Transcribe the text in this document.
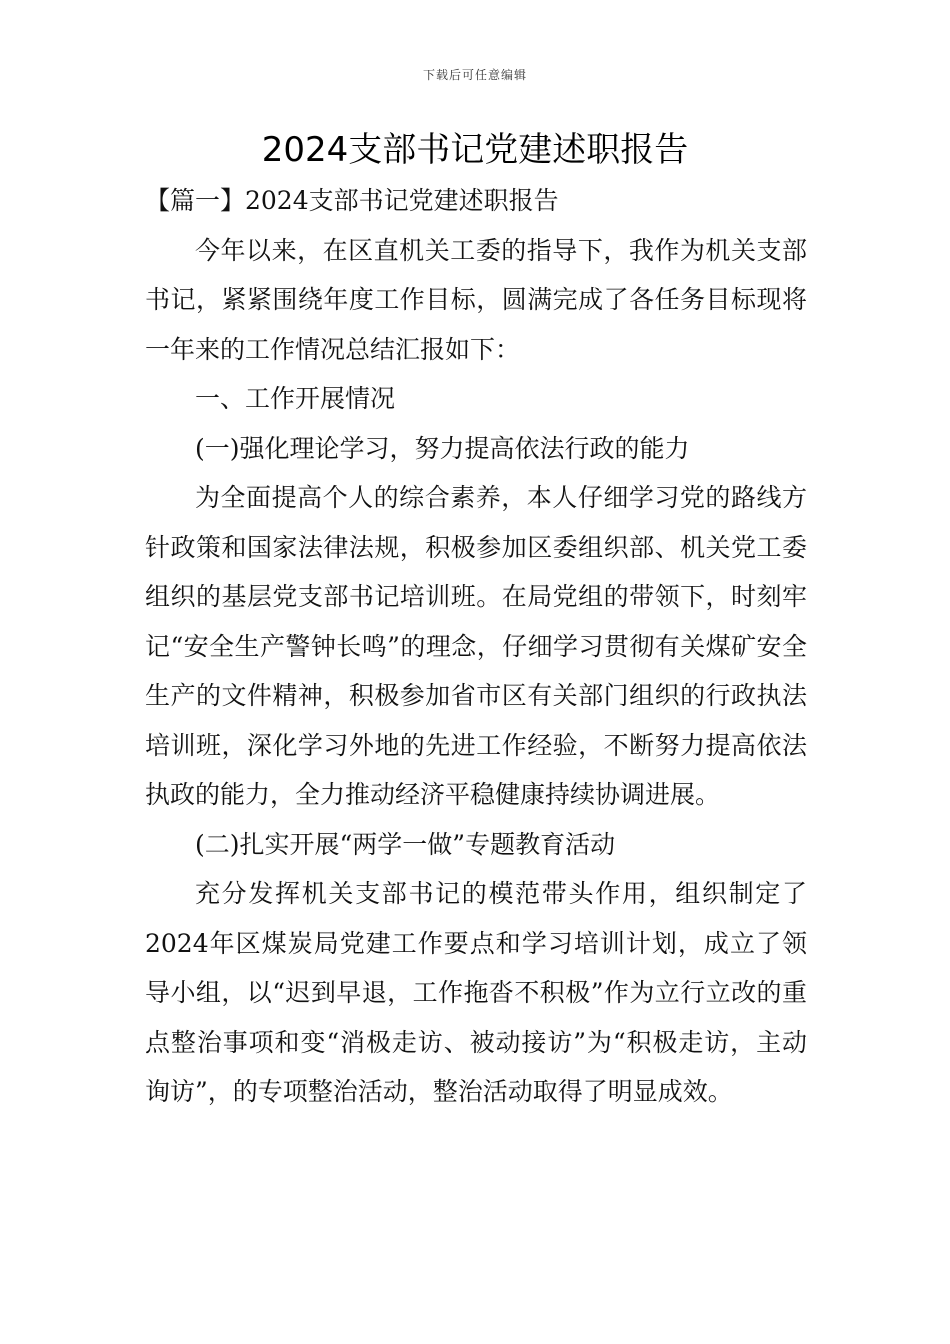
下载后可任意编辑
2024支部书记党建述职报告

【篇一】2024支部书记党建述职报告

今年以来，在区直机关工委的指导下，我作为机关支部书记，紧紧围绕年度工作目标，圆满完成了各任务目标现将一年来的工作情况总结汇报如下：

一、工作开展情况

(一)强化理论学习，努力提高依法行政的能力

为全面提高个人的综合素养，本人仔细学习党的路线方针政策和国家法律法规，积极参加区委组织部、机关党工委组织的基层党支部书记培训班。在局党组的带领下，时刻牢记“安全生产警钟长鸣”的理念，仔细学习贯彻有关煤矿安全生产的文件精神，积极参加省市区有关部门组织的行政执法培训班，深化学习外地的先进工作经验，不断努力提高依法执政的能力，全力推动经济平稳健康持续协调进展。

(二)扎实开展“两学一做”专题教育活动

充分发挥机关支部书记的模范带头作用，组织制定了2024年区煤炭局党建工作要点和学习培训计划，成立了领导小组，以“迟到早退，工作拖沓不积极”作为立行立改的重点整治事项和变“消极走访、被动接访”为“积极走访，主动询访”，的专项整治活动，整治活动取得了明显成效。
